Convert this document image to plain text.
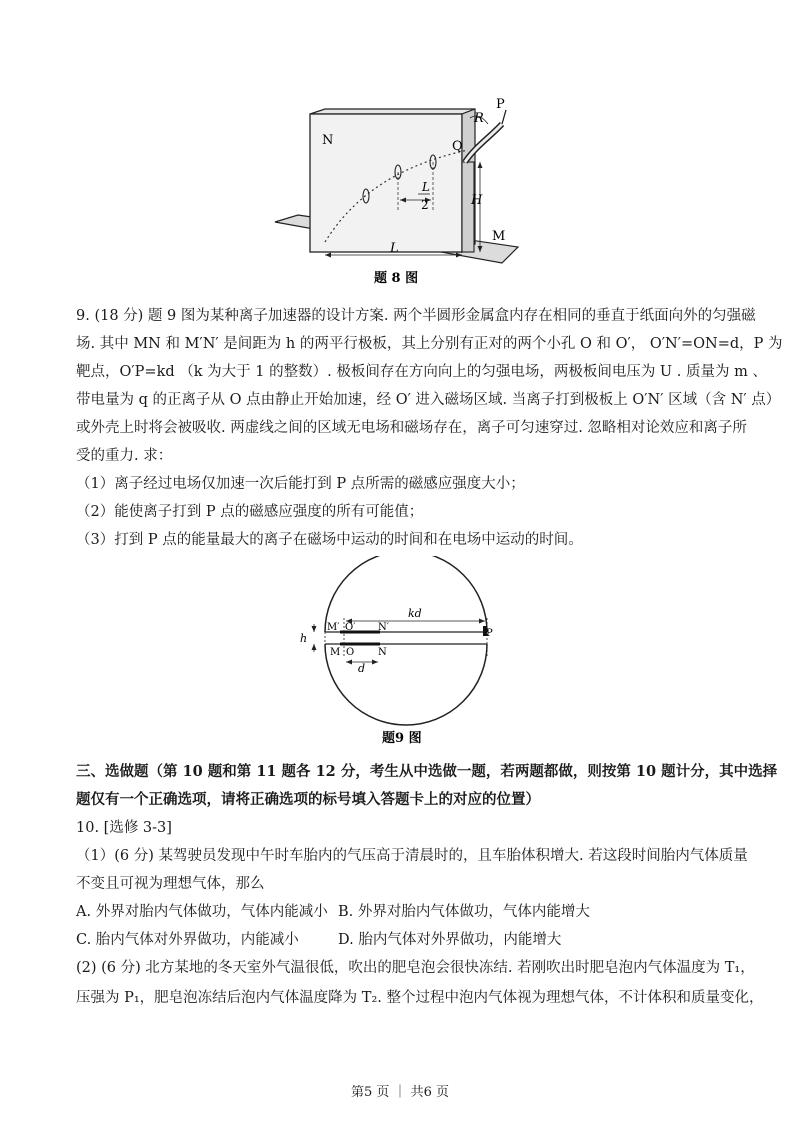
N	Q
R
P
H
M
L
2
L
题 8 图
9. (18 分) 题 9 图为某种离子加速器的设计方案. 两个半圆形金属盒内存在相同的垂直于纸面向外的匀强磁
场. 其中 MN 和 M′N′ 是间距为 h 的两平行极板，其上分别有正对的两个小孔 O 和 O′， O′N′=ON=d，P 为
靶点，O′P=kd （k 为大于 1 的整数）. 极板间存在方向向上的匀强电场，两极板间电压为 U . 质量为 m 、
带电量为 q 的正离子从 O 点由静止开始加速，经 O′ 进入磁场区域. 当离子打到极板上 O′N′ 区域（含 N′ 点）
或外壳上时将会被吸收. 两虚线之间的区域无电场和磁场存在，离子可匀速穿过. 忽略相对论效应和离子所
受的重力. 求：
（1）离子经过电场仅加速一次后能打到 P 点所需的磁感应强度大小；
（2）能使离子打到 P 点的磁感应强度的所有可能值；
（3）打到 P 点的能量最大的离子在磁场中运动的时间和在电场中运动的时间。
h
M′ O′ N′
kd
P
M O N
d
题9 图
三、选做题（第 10 题和第 11 题各 12 分，考生从中选做一题，若两题都做，则按第 10 题计分，其中选择
题仅有一个正确选项，请将正确选项的标号填入答题卡上的对应的位置）
10. [选修 3-3]
（1）(6 分) 某驾驶员发现中午时车胎内的气压高于清晨时的，且车胎体积增大. 若这段时间胎内气体质量
不变且可视为理想气体，那么
A. 外界对胎内气体做功，气体内能减小 B. 外界对胎内气体做功，气体内能增大
C. 胎内气体对外界做功，内能减小	D. 胎内气体对外界做功，内能增大
(2) (6 分) 北方某地的冬天室外气温很低，吹出的肥皂泡会很快冻结. 若刚吹出时肥皂泡内气体温度为 T₁，
压强为 P₁，肥皂泡冻结后泡内气体温度降为 T₂. 整个过程中泡内气体视为理想气体，不计体积和质量变化，
第5 页 ｜ 共6 页
